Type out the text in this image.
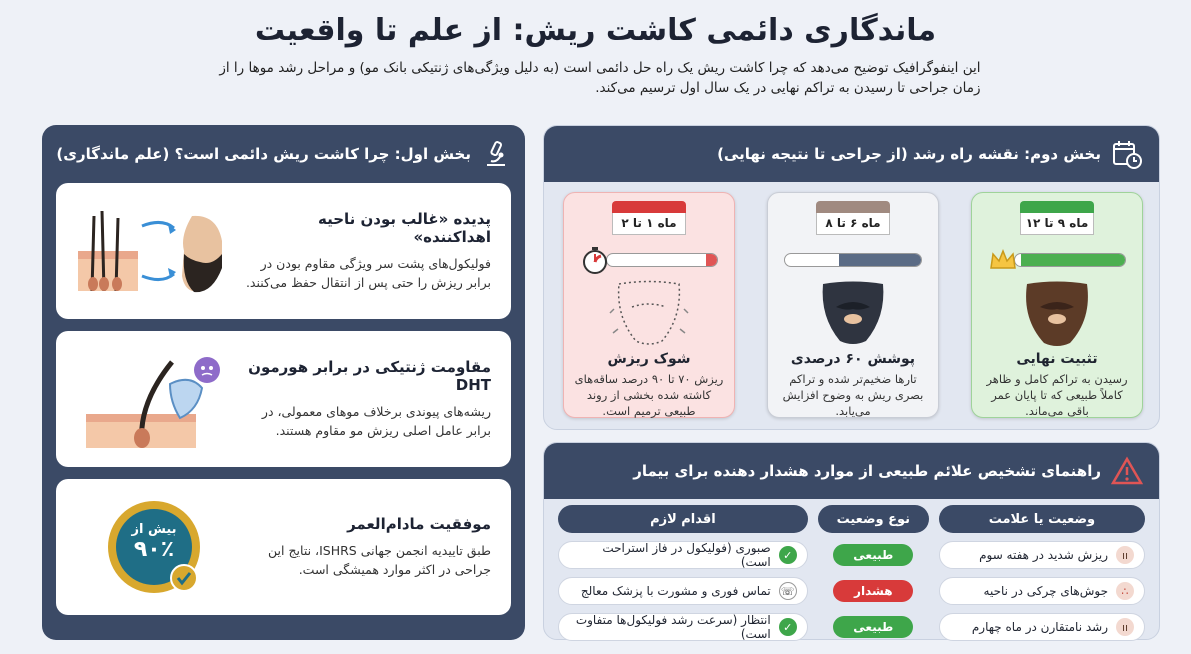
ماندگاری دائمی کاشت ریش: از علم تا واقعیت
این اینفوگرافیک توضیح می‌دهد که چرا کاشت ریش یک راه حل دائمی است (به دلیل ویژگی‌های ژنتیکی بانک مو) و مراحل رشد موها را از زمان جراحی تا رسیدن به تراکم نهایی در یک سال اول ترسیم می‌کند.
بخش اول: چرا کاشت ریش دائمی است؟ (علم ماندگاری)
پدیده «غالب بودن ناحیه اهداکننده»
فولیکول‌های پشت سر ویژگی مقاوم بودن در برابر ریزش را حتی پس از انتقال حفظ می‌کنند.
مقاومت ژنتیکی در برابر هورمون DHT
ریشه‌های پیوندی برخلاف موهای معمولی، در برابر عامل اصلی ریزش مو مقاوم هستند.
موفقیت مادام‌العمر
طبق تاییدیه انجمن جهانی ISHRS، نتایج این جراحی در اکثر موارد همیشگی است.
بیش از
۹۰٪
بخش دوم: نقشه راه رشد (از جراحی تا نتیجه نهایی)
ماه ۹ تا ۱۲
تثبیت نهایی
رسیدن به تراکم کامل و ظاهر کاملاً طبیعی که تا پایان عمر باقی می‌ماند.
ماه ۶ تا ۸
پوشش ۶۰ درصدی
تارها ضخیم‌تر شده و تراکم بصری ریش به وضوح افزایش می‌یابد.
ماه ۱ تا ۲
شوک ریزش
ریزش ۷۰ تا ۹۰ درصد ساقه‌های کاشته شده بخشی از روند طبیعی ترمیم است.
راهنمای تشخیص علائم طبیعی از موارد هشدار دهنده برای بیمار
وضعیت یا علامت
نوع وضعیت
اقدام لازم
ıı
ریزش شدید در هفته سوم
طبیعی
✓
صبوری (فولیکول در فاز استراحت است)
∴
جوش‌های چرکی در ناحیه
هشدار
☏
تماس فوری و مشورت با پزشک معالج
ıı
رشد نامتقارن در ماه چهارم
طبیعی
✓
انتظار (سرعت رشد فولیکول‌ها متفاوت است)
